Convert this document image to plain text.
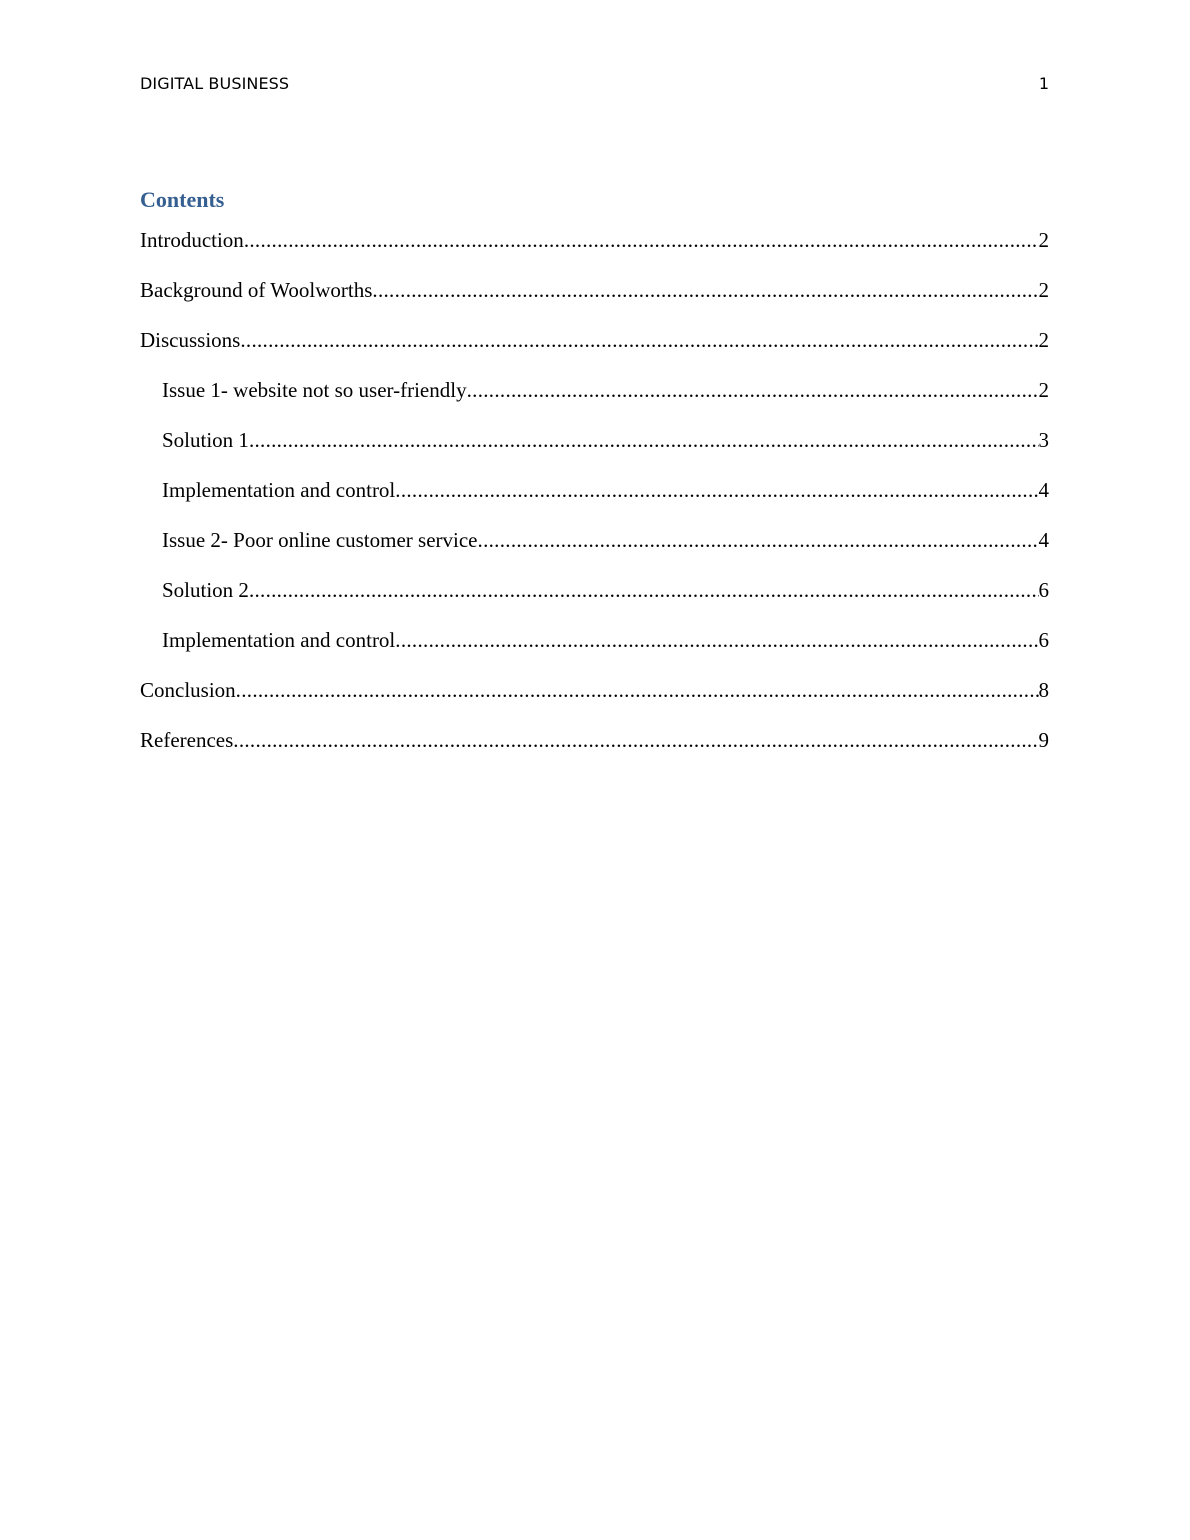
DIGITAL BUSINESS	1
Contents
Introduction .....	2
Background of Woolworths .....	2
Discussions .....	2
Issue 1- website not so user-friendly .....	2
Solution 1 .....	3
Implementation and control .....	4
Issue 2- Poor online customer service .....	4
Solution 2 .....	6
Implementation and control .....	6
Conclusion .....	8
References .....	9
